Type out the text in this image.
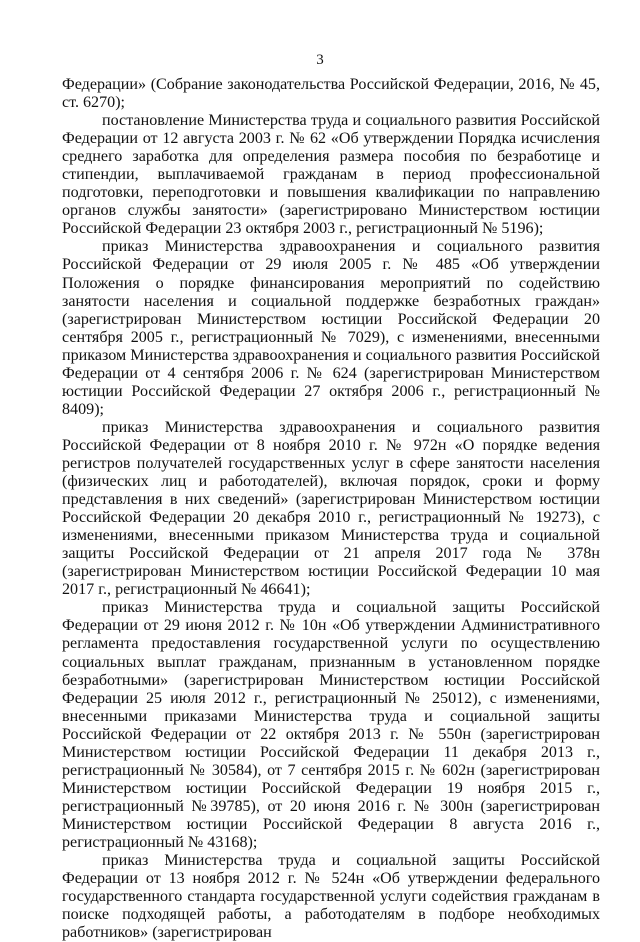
3

Федерации» (Собрание законодательства Российской Федерации, 2016, № 45, ст. 6270);

постановление Министерства труда и социального развития Российской Федерации от 12 августа 2003 г. № 62 «Об утверждении Порядка исчисления среднего заработка для определения размера пособия по безработице и стипендии, выплачиваемой гражданам в период профессиональной подготовки, переподготовки и повышения квалификации по направлению органов службы занятости» (зарегистрировано Министерством юстиции Российской Федерации 23 октября 2003 г., регистрационный № 5196);

приказ Министерства здравоохранения и социального развития Российской Федерации от 29 июля 2005 г. № 485 «Об утверждении Положения о порядке финансирования мероприятий по содействию занятости населения и социальной поддержке безработных граждан» (зарегистрирован Министерством юстиции Российской Федерации 20 сентября 2005 г., регистрационный № 7029), с изменениями, внесенными приказом Министерства здравоохранения и социального развития Российской Федерации от 4 сентября 2006 г. № 624 (зарегистрирован Министерством юстиции Российской Федерации 27 октября 2006 г., регистрационный № 8409);

приказ Министерства здравоохранения и социального развития Российской Федерации от 8 ноября 2010 г. № 972н «О порядке ведения регистров получателей государственных услуг в сфере занятости населения (физических лиц и работодателей), включая порядок, сроки и форму представления в них сведений» (зарегистрирован Министерством юстиции Российской Федерации 20 декабря 2010 г., регистрационный № 19273), с изменениями, внесенными приказом Министерства труда и социальной защиты Российской Федерации от 21 апреля 2017 года № 378н (зарегистрирован Министерством юстиции Российской Федерации 10 мая 2017 г., регистрационный № 46641);

приказ Министерства труда и социальной защиты Российской Федерации от 29 июня 2012 г. № 10н «Об утверждении Административного регламента предоставления государственной услуги по осуществлению социальных выплат гражданам, признанным в установленном порядке безработными» (зарегистрирован Министерством юстиции Российской Федерации 25 июля 2012 г., регистрационный № 25012), с изменениями, внесенными приказами Министерства труда и социальной защиты Российской Федерации от 22 октября 2013 г. № 550н (зарегистрирован Министерством юстиции Российской Федерации 11 декабря 2013 г., регистрационный № 30584), от 7 сентября 2015 г. № 602н (зарегистрирован Министерством юстиции Российской Федерации 19 ноября 2015 г., регистрационный №39785), от 20 июня 2016 г. № 300н (зарегистрирован Министерством юстиции Российской Федерации 8 августа 2016 г., регистрационный № 43168);

приказ Министерства труда и социальной защиты Российской Федерации от 13 ноября 2012 г. № 524н «Об утверждении федерального государственного стандарта государственной услуги содействия гражданам в поиске подходящей работы, а работодателям в подборе необходимых работников» (зарегистрирован
